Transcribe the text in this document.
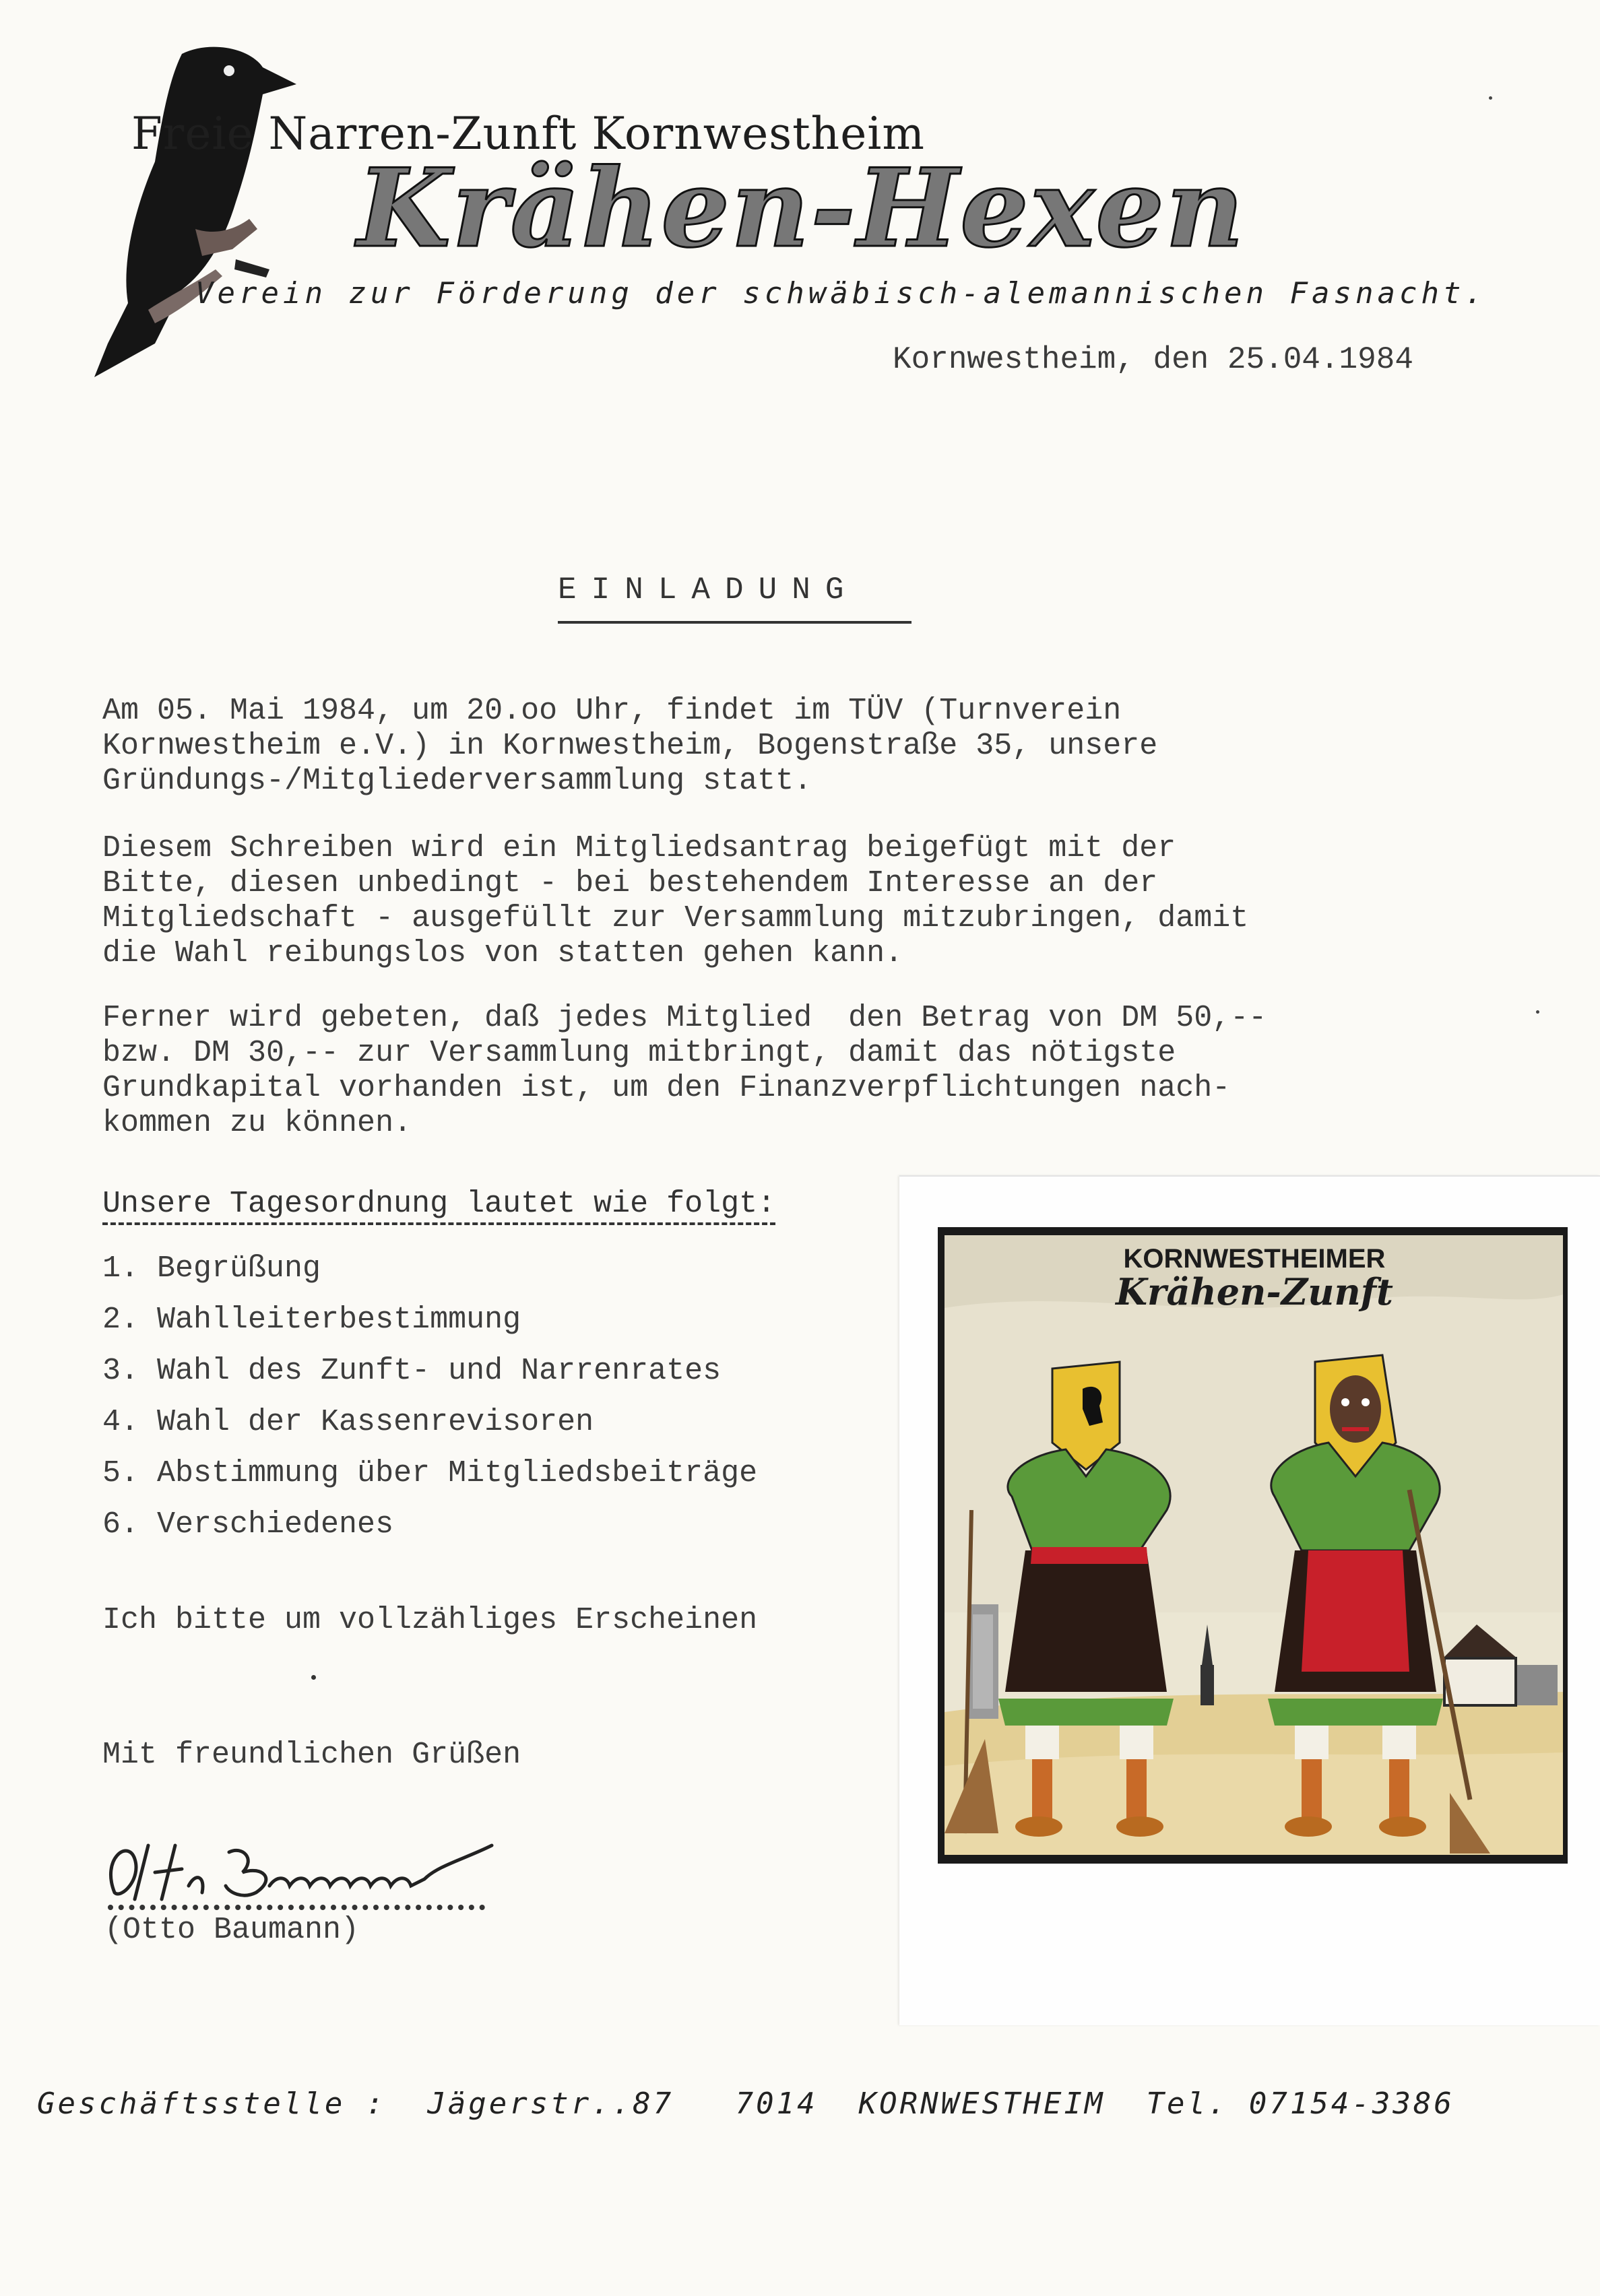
Freie Narren-Zunft Kornwestheim
Krähen-Hexen
Verein zur Förderung der schwäbisch-alemannischen Fasnacht.
Kornwestheim, den 25.04.1984
EINLADUNG
Am 05. Mai 1984, um 20.oo Uhr, findet im TÜV (Turnverein
Kornwestheim e.V.) in Kornwestheim, Bogenstraße 35, unsere
Gründungs-/Mitgliederversammlung statt.
Diesem Schreiben wird ein Mitgliedsantrag beigefügt mit der
Bitte, diesen unbedingt - bei bestehendem Interesse an der
Mitgliedschaft - ausgefüllt zur Versammlung mitzubringen, damit
die Wahl reibungslos von statten gehen kann.
Ferner wird gebeten, daß jedes Mitglied  den Betrag von DM 50,--
bzw. DM 30,-- zur Versammlung mitbringt, damit das nötigste
Grundkapital vorhanden ist, um den Finanzverpflichtungen nach-
kommen zu können.
Unsere Tagesordnung lautet wie folgt:
1. Begrüßung
2. Wahlleiterbestimmung
3. Wahl des Zunft- und Narrenrates
4. Wahl der Kassenrevisoren
5. Abstimmung über Mitgliedsbeiträge
6. Verschiedenes
Ich bitte um vollzähliges Erscheinen
Mit freundlichen Grüßen
(Otto Baumann)
Geschäftsstelle :  Jägerstr..87   7014  KORNWESTHEIM  Tel. 07154-3386
KORNWESTHEIMER
Krähen-Zunft
